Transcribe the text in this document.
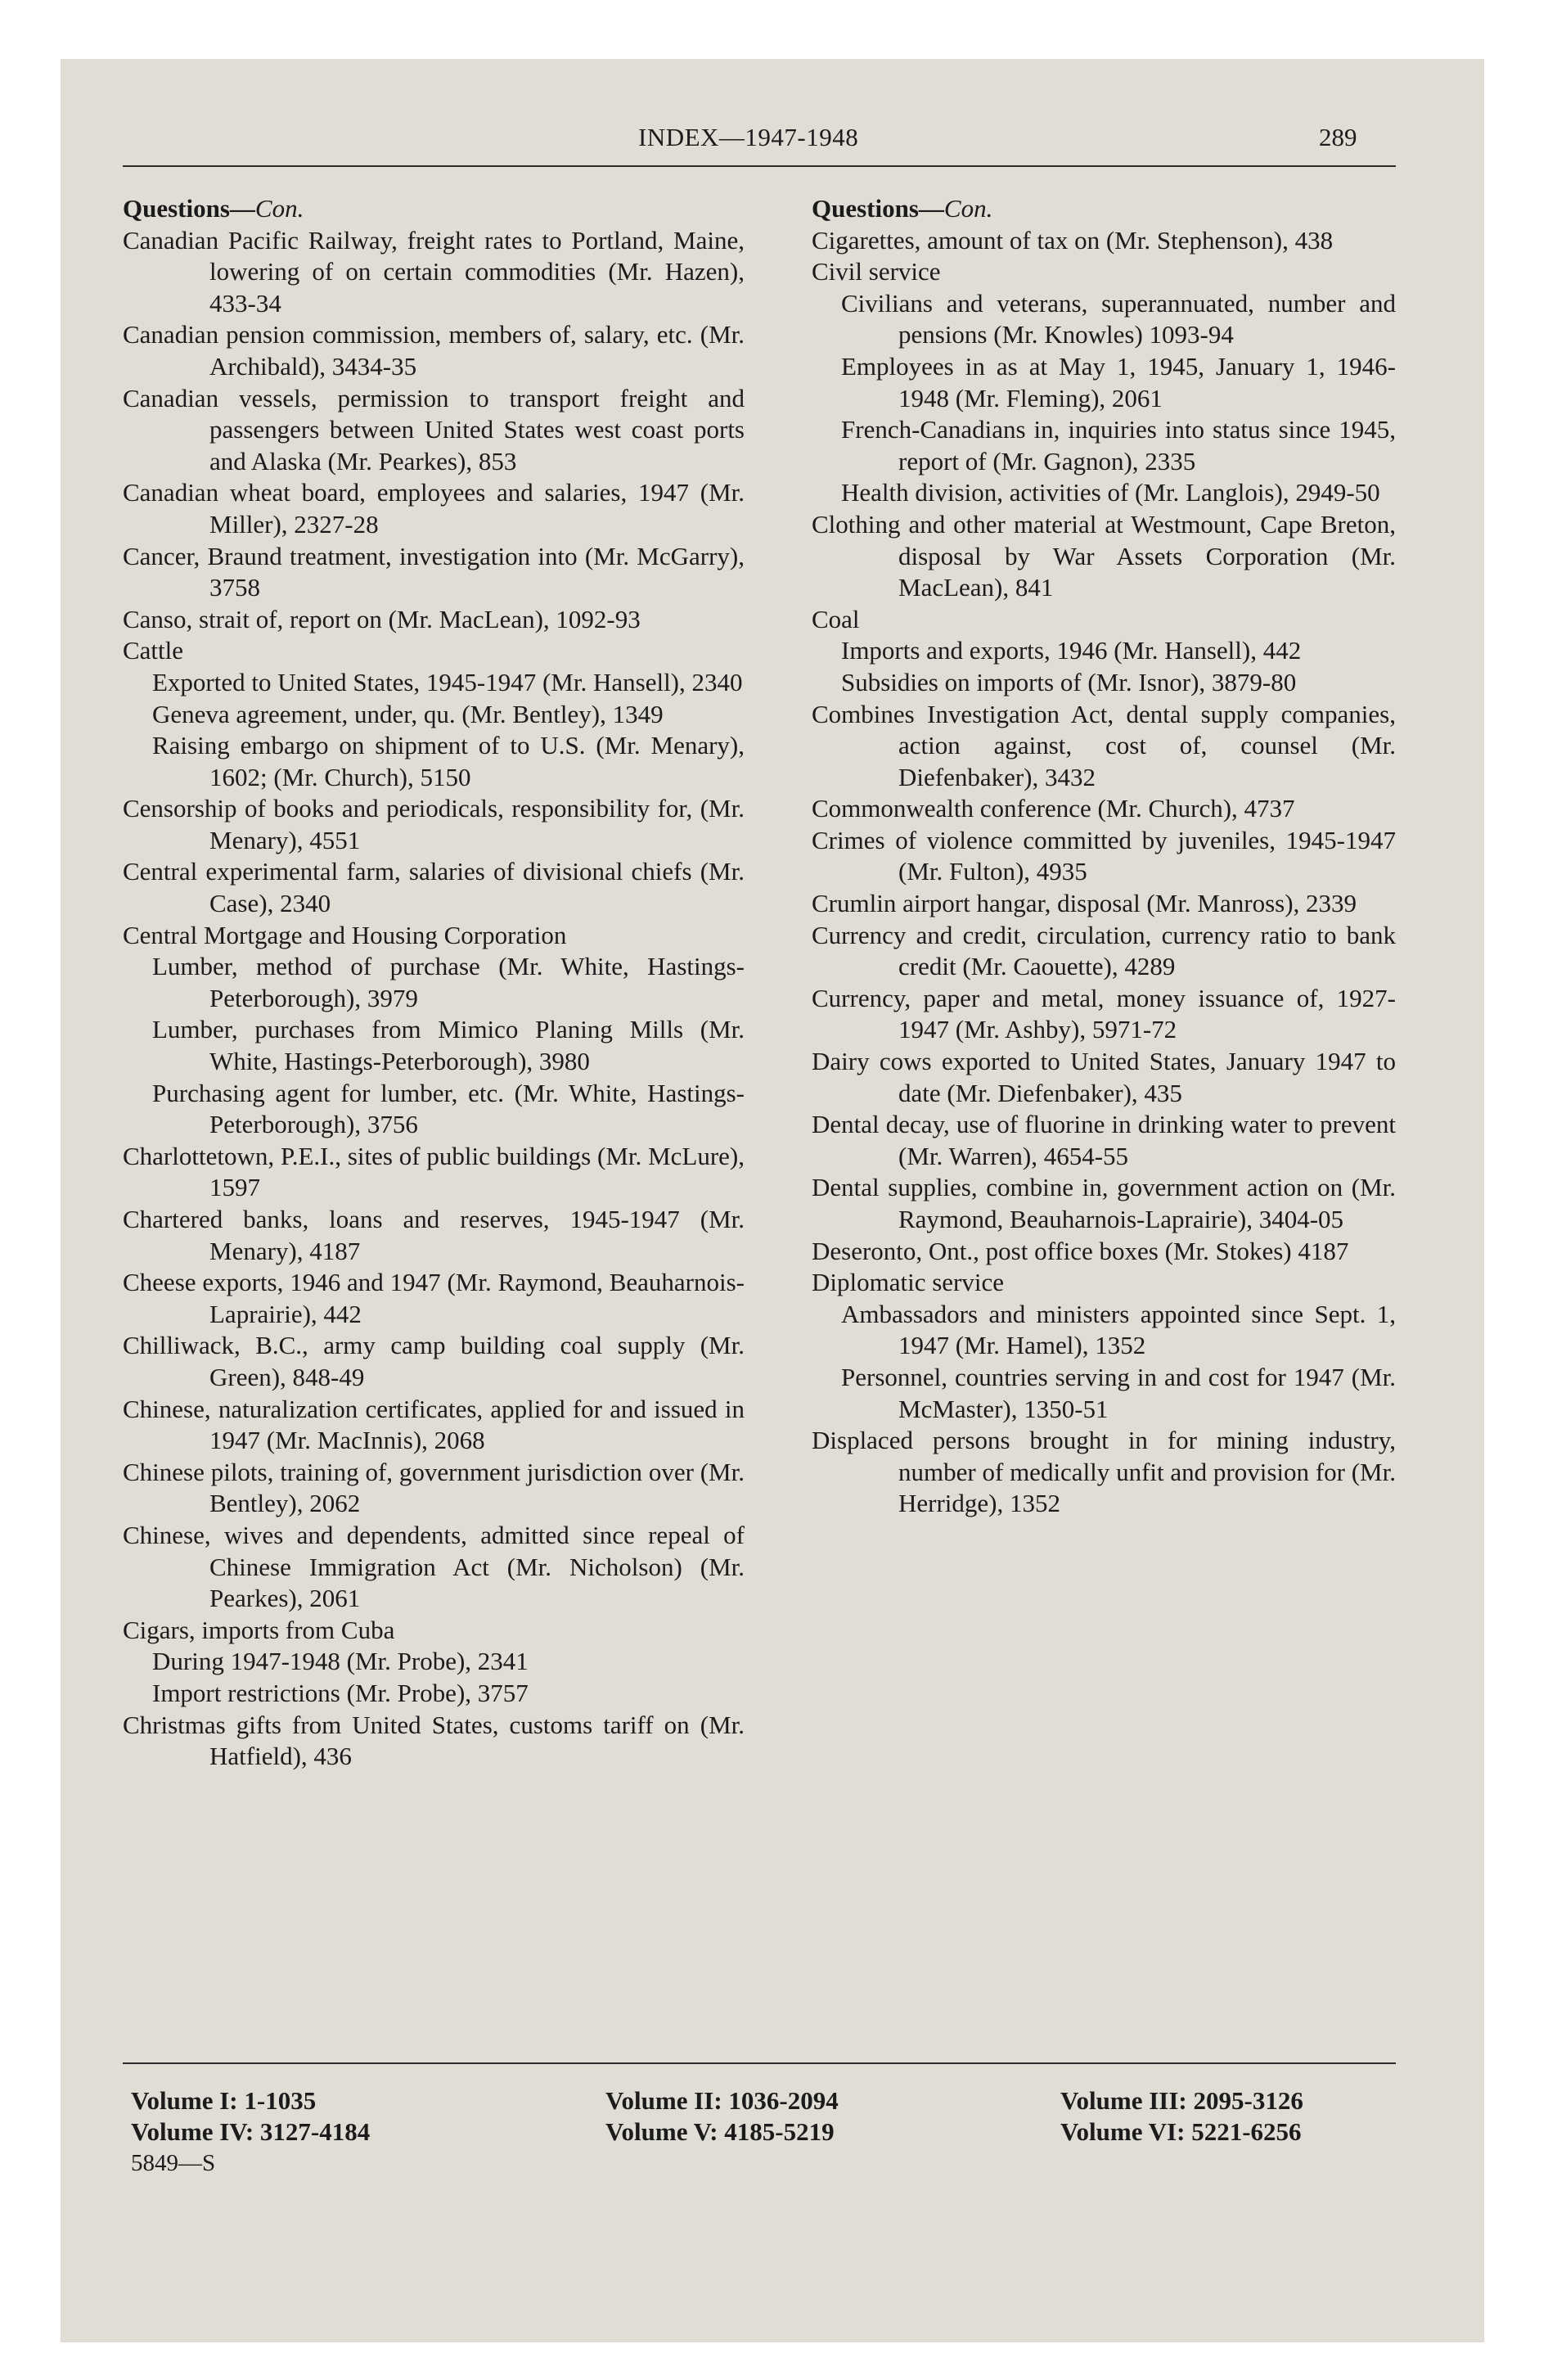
INDEX—1947-1948	289
Questions—Con.
Canadian Pacific Railway, freight rates to Portland, Maine, lowering of on certain commodities (Mr. Hazen), 433-34
Canadian pension commission, members of, salary, etc. (Mr. Archibald), 3434-35
Canadian vessels, permission to transport freight and passengers between United States west coast ports and Alaska (Mr. Pearkes), 853
Canadian wheat board, employees and salaries, 1947 (Mr. Miller), 2327-28
Cancer, Braund treatment, investigation into (Mr. McGarry), 3758
Canso, strait of, report on (Mr. MacLean), 1092-93
Cattle
Exported to United States, 1945-1947 (Mr. Hansell), 2340
Geneva agreement, under, qu. (Mr. Bentley), 1349
Raising embargo on shipment of to U.S. (Mr. Menary), 1602; (Mr. Church), 5150
Censorship of books and periodicals, responsibility for, (Mr. Menary), 4551
Central experimental farm, salaries of divisional chiefs (Mr. Case), 2340
Central Mortgage and Housing Corporation
Lumber, method of purchase (Mr. White, Hastings-Peterborough), 3979
Lumber, purchases from Mimico Planing Mills (Mr. White, Hastings-Peterborough), 3980
Purchasing agent for lumber, etc. (Mr. White, Hastings-Peterborough), 3756
Charlottetown, P.E.I., sites of public buildings (Mr. McLure), 1597
Chartered banks, loans and reserves, 1945-1947 (Mr. Menary), 4187
Cheese exports, 1946 and 1947 (Mr. Raymond, Beauharnois-Laprairie), 442
Chilliwack, B.C., army camp building coal supply (Mr. Green), 848-49
Chinese, naturalization certificates, applied for and issued in 1947 (Mr. MacInnis), 2068
Chinese pilots, training of, government jurisdiction over (Mr. Bentley), 2062
Chinese, wives and dependents, admitted since repeal of Chinese Immigration Act (Mr. Nicholson) (Mr. Pearkes), 2061
Cigars, imports from Cuba
During 1947-1948 (Mr. Probe), 2341
Import restrictions (Mr. Probe), 3757
Christmas gifts from United States, customs tariff on (Mr. Hatfield), 436
Questions—Con.
Cigarettes, amount of tax on (Mr. Stephenson), 438
Civil service
Civilians and veterans, superannuated, number and pensions (Mr. Knowles) 1093-94
Employees in as at May 1, 1945, January 1, 1946-1948 (Mr. Fleming), 2061
French-Canadians in, inquiries into status since 1945, report of (Mr. Gagnon), 2335
Health division, activities of (Mr. Langlois), 2949-50
Clothing and other material at Westmount, Cape Breton, disposal by War Assets Corporation (Mr. MacLean), 841
Coal
Imports and exports, 1946 (Mr. Hansell), 442
Subsidies on imports of (Mr. Isnor), 3879-80
Combines Investigation Act, dental supply companies, action against, cost of, counsel (Mr. Diefenbaker), 3432
Commonwealth conference (Mr. Church), 4737
Crimes of violence committed by juveniles, 1945-1947 (Mr. Fulton), 4935
Crumlin airport hangar, disposal (Mr. Manross), 2339
Currency and credit, circulation, currency ratio to bank credit (Mr. Caouette), 4289
Currency, paper and metal, money issuance of, 1927-1947 (Mr. Ashby), 5971-72
Dairy cows exported to United States, January 1947 to date (Mr. Diefenbaker), 435
Dental decay, use of fluorine in drinking water to prevent (Mr. Warren), 4654-55
Dental supplies, combine in, government action on (Mr. Raymond, Beauharnois-Laprairie), 3404-05
Deseronto, Ont., post office boxes (Mr. Stokes) 4187
Diplomatic service
Ambassadors and ministers appointed since Sept. 1, 1947 (Mr. Hamel), 1352
Personnel, countries serving in and cost for 1947 (Mr. McMaster), 1350-51
Displaced persons brought in for mining industry, number of medically unfit and provision for (Mr. Herridge), 1352
Volume I: 1-1035
Volume IV: 3127-4184
5849—S
Volume II: 1036-2094
Volume V: 4185-5219
Volume III: 2095-3126
Volume VI: 5221-6256
